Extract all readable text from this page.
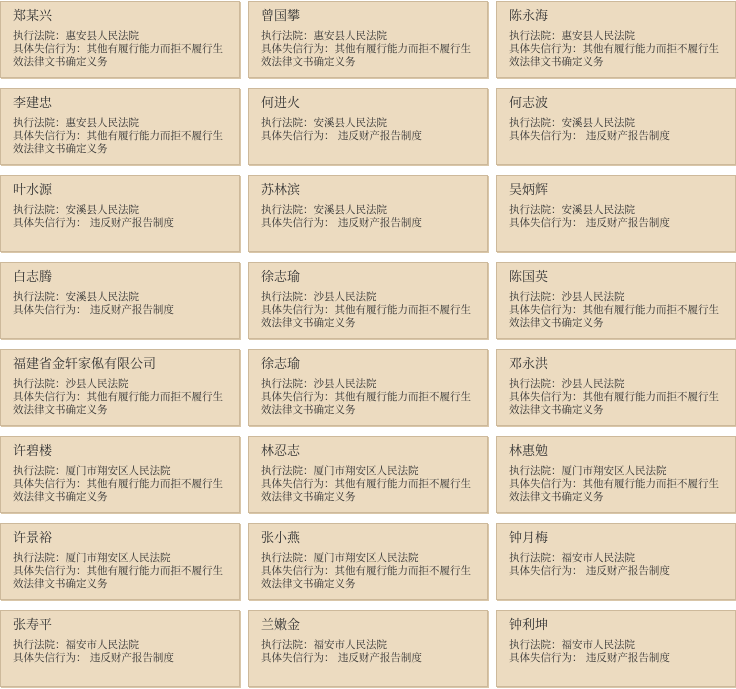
郑某兴
执行法院：惠安县人民法院
具体失信行为：其他有履行能力而拒不履行生效法律文书确定义务
曾国攀
执行法院：惠安县人民法院
具体失信行为：其他有履行能力而拒不履行生效法律文书确定义务
陈永海
执行法院：惠安县人民法院
具体失信行为：其他有履行能力而拒不履行生效法律文书确定义务
李建忠
执行法院：惠安县人民法院
具体失信行为：其他有履行能力而拒不履行生效法律文书确定义务
何进火
执行法院：安溪县人民法院
具体失信行为： 违反财产报告制度
何志波
执行法院：安溪县人民法院
具体失信行为： 违反财产报告制度
叶水源
执行法院：安溪县人民法院
具体失信行为： 违反财产报告制度
苏林滨
执行法院：安溪县人民法院
具体失信行为： 违反财产报告制度
吴炳辉
执行法院：安溪县人民法院
具体失信行为： 违反财产报告制度
白志腾
执行法院：安溪县人民法院
具体失信行为： 违反财产报告制度
徐志瑜
执行法院：沙县人民法院
具体失信行为：其他有履行能力而拒不履行生效法律文书确定义务
陈国英
执行法院：沙县人民法院
具体失信行为：其他有履行能力而拒不履行生效法律文书确定义务
福建省金轩家俬有限公司
执行法院：沙县人民法院
具体失信行为：其他有履行能力而拒不履行生效法律文书确定义务
徐志瑜
执行法院：沙县人民法院
具体失信行为：其他有履行能力而拒不履行生效法律文书确定义务
邓永洪
执行法院：沙县人民法院
具体失信行为：其他有履行能力而拒不履行生效法律文书确定义务
许碧楼
执行法院：厦门市翔安区人民法院
具体失信行为：其他有履行能力而拒不履行生效法律文书确定义务
林忍志
执行法院：厦门市翔安区人民法院
具体失信行为：其他有履行能力而拒不履行生效法律文书确定义务
林惠勉
执行法院：厦门市翔安区人民法院
具体失信行为：其他有履行能力而拒不履行生效法律文书确定义务
许景裕
执行法院：厦门市翔安区人民法院
具体失信行为：其他有履行能力而拒不履行生效法律文书确定义务
张小燕
执行法院：厦门市翔安区人民法院
具体失信行为：其他有履行能力而拒不履行生效法律文书确定义务
钟月梅
执行法院：福安市人民法院
具体失信行为： 违反财产报告制度
张寿平
执行法院：福安市人民法院
具体失信行为： 违反财产报告制度
兰嫩金
执行法院：福安市人民法院
具体失信行为： 违反财产报告制度
钟利坤
执行法院：福安市人民法院
具体失信行为： 违反财产报告制度
